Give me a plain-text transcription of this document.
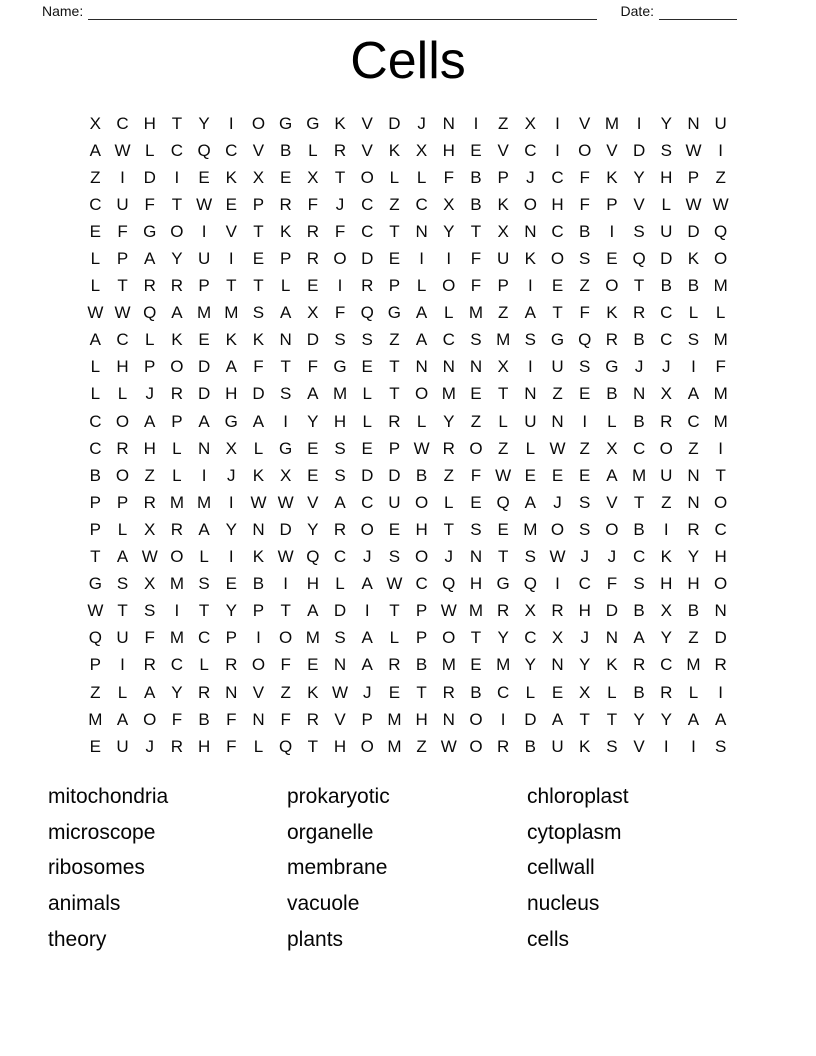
Name:	Date:
Cells
X C H T Y	I	O G G K V D J N	I	Z X	I	V M	I	Y N U
A W L C Q C V B L R V K X H E V C	I	O V D S W I
Z	I	D	I	E K X E X T O L	L	F B P	J C F K Y H P Z
C U F T W E P R F	J C Z C X B K O H F P V L W W
E F G O	I	V T K R F C T N Y T X N C B	I	S U D Q
L P A Y U	I	E P R O D E	I	I	F U K O S E Q D K O
L	T R R P T T	L E	I	R P L O F P	I	E Z O T B B M
W W Q A M M S A X F Q G A L M Z A T F K R C L	L
A C L K E K K N D S S Z A C S M S G Q R B C S M
L H P O D A F T F G E T N N N X	I	U S G J	J	I	F
L	L	J R D H D S A M L	T O M E T N Z E B N X A M
C O A P A G A	I	Y H L R L Y Z	L U N	I	L B R C M
C R H L N X L G E S E P W R O Z	L W Z X C O Z	I
B O Z	L	I	J	K X E S D D B Z F W E E E A M U N T
P P R M M	I W W V A C U O L E Q A	J	S V T Z N O
P L X R A Y N D Y R O E H T S E M O S O B	I	R C
T A W O L	I	K W Q C J	S O J N T S W J	J C K Y H
G S X M S E B	I	H L A W C Q H G Q	I	C F S H H O
W T S	I	T Y P T A D	I	T P W M R X R H D B X B N
Q U F M C P	I	O M S A L P O T Y C X	J N A Y Z D
P	I	R C L R O F E N A R B M E M Y N Y K R C M R
Z	L A Y R N V Z K W J	E T R B C L E X L B R L	I
M A O F B F N F R V P M H N O	I	D A T T Y Y A A
E U J R H F	L Q T H O M Z W O R B U K S V	I	I	S
mitochondria
microscope
ribosomes
animals
theory
prokaryotic
organelle
membrane
vacuole
plants
chloroplast
cytoplasm
cellwall
nucleus
cells
